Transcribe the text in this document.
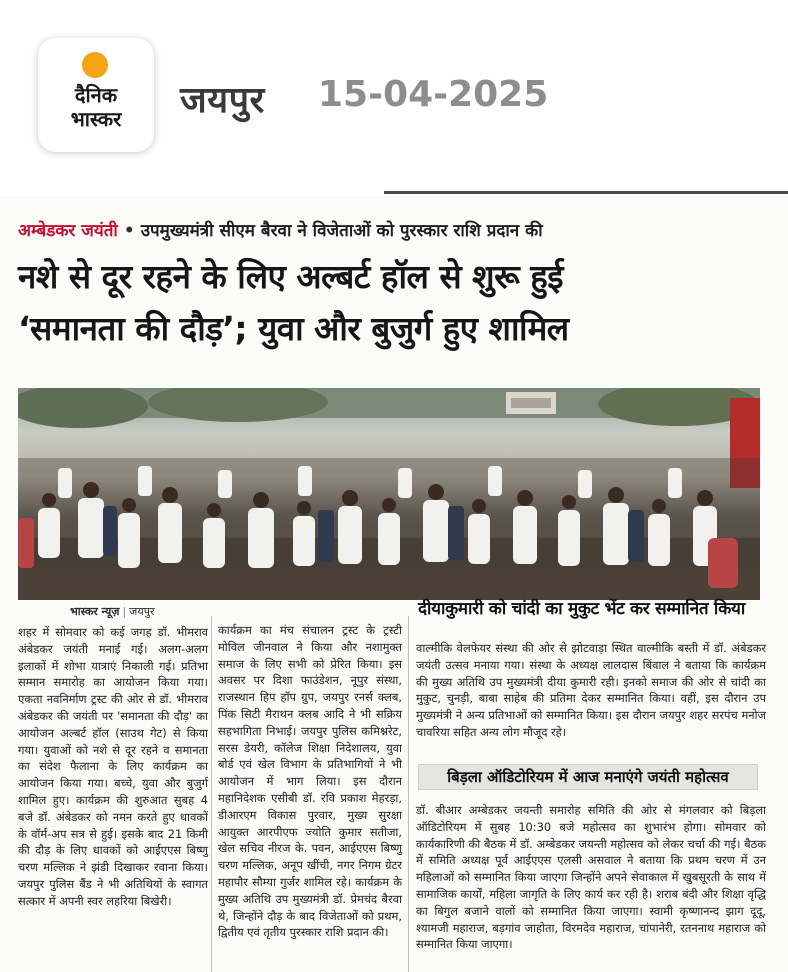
दैनिक
भास्कर	जयपुर 15-04-2025
अम्बेडकर जयंती • उपमुख्यमंत्री सीएम बैरवा ने विजेताओं को पुरस्कार राशि प्रदान की
नशे से दूर रहने के लिए अल्बर्ट हॉल से शुरू हुई
‘समानता की दौड़’; युवा और बुजुर्ग हुए शामिल
भास्कर न्यूज़ | जयपुर
शहर में सोमवार को कई जगह डॉ. भीमराव अंबेडकर जयंती मनाई गई। अलग-अलग इलाकों में शोभा यात्राएं निकाली गई। प्रतिभा सम्मान समारोह का आयोजन किया गया। एकता नवनिर्माण ट्रस्ट की ओर से डॉ. भीमराव अंबेडकर की जयंती पर 'समानता की दौड़' का आयोजन अल्बर्ट हॉल (साउथ गेट) से किया गया। युवाओं को नशे से दूर रहने व समानता का संदेश फैलाना के लिए कार्यक्रम का आयोजन किया गया। बच्चे, युवा और बुजुर्ग शामिल हुए। कार्यक्रम की शुरुआत सुबह 4 बजे डॉ. अंबेडकर को नमन करते हुए धावकों के वॉर्म-अप सत्र से हुई। इसके बाद 21 किमी की दौड़ के लिए धावकों को आईएएस बिष्णु चरण मल्लिक ने झंडी दिखाकर रवाना किया। जयपुर पुलिस बैंड ने भी अतिथियों के स्वागत सत्कार में अपनी स्वर लहरिया बिखेरी।
कार्यक्रम का मंच संचालन ट्रस्ट के ट्रस्टी मोविल जीनवाल ने किया और नशामुक्त समाज के लिए सभी को प्रेरित किया। इस अवसर पर दिशा फाउंडेशन, नूपुर संस्था, राजस्थान हिप हॉप ग्रुप, जयपुर रनर्स क्लब, पिंक सिटी मैराथन क्लब आदि ने भी सक्रिय सहभागिता निभाई। जयपुर पुलिस कमिश्नरेट, सरस डेयरी, कॉलेज शिक्षा निदेशालय, युवा बोर्ड एवं खेल विभाग के प्रतिभागियों ने भी आयोजन में भाग लिया। इस दौरान महानिदेशक एसीबी डॉ. रवि प्रकाश मेहरड़ा, डीआरएम विकास पुरवार, मुख्य सुरक्षा आयुक्त आरपीएफ ज्योति कुमार सतीजा, खेल सचिव नीरज के. पवन, आईएएस बिष्णु चरण मल्लिक, अनूप खींची, नगर निगम ग्रेटर महापौर सौम्या गुर्जर शामिल रहे। कार्यक्रम के मुख्य अतिथि उप मुख्यमंत्री डॉ. प्रेमचंद बैरवा थे, जिन्होंने दौड़ के बाद विजेताओं को प्रथम, द्वितीय एवं तृतीय पुरस्कार राशि प्रदान की।
दीयाकुमारी को चांदी का मुकुट भेंट कर सम्मानित किया
वाल्मीकि वेलफेयर संस्था की ओर से झोटवाड़ा स्थित वाल्मीकि बस्ती में डॉ. अंबेडकर जयंती उत्सव मनाया गया। संस्था के अध्यक्ष लालदास बिंवाल ने बताया कि कार्यक्रम की मुख्य अतिथि उप मुख्यमंत्री दीया कुमारी रही। इनको समाज की ओर से चांदी का मुकुट, चुनड़ी, बाबा साहेब की प्रतिमा देकर सम्मानित किया। वहीं, इस दौरान उप मुख्यमंत्री ने अन्य प्रतिभाओं को सम्मानित किया। इस दौरान जयपुर शहर सरपंच मनोज चावरिया सहित अन्य लोग मौजूद रहे।
बिड़ला ऑडिटोरियम में आज मनाएंगे जयंती महोत्सव
डॉ. बीआर अम्बेडकर जयन्ती समारोह समिति की ओर से मंगलवार को बिड़ला ऑडिटोरियम में सुबह 10:30 बजे महोत्सव का शुभारंभ होगा। सोमवार को कार्यकारिणी की बैठक में डॉ. अम्बेडकर जयन्ती महोत्सव को लेकर चर्चा की गई। बैठक में समिति अध्यक्ष पूर्व आईएएस एलसी असवाल ने बताया कि प्रथम चरण में उन महिलाओं को सम्मानित किया जाएगा जिन्होंने अपने सेवाकाल में खुबसूरती के साथ में सामाजिक कार्यों, महिला जागृति के लिए कार्य कर रही है। शराब बंदी और शिक्षा वृद्धि का बिगुल बजाने वालों को सम्मानित किया जाएगा। स्वामी कृष्णानन्द झाग दूदू, श्यामजी महाराज, बड़गांव जाहोता, विरमदेव महाराज, चांपानेरी, रतननाथ महाराज को सम्मानित किया जाएगा।
